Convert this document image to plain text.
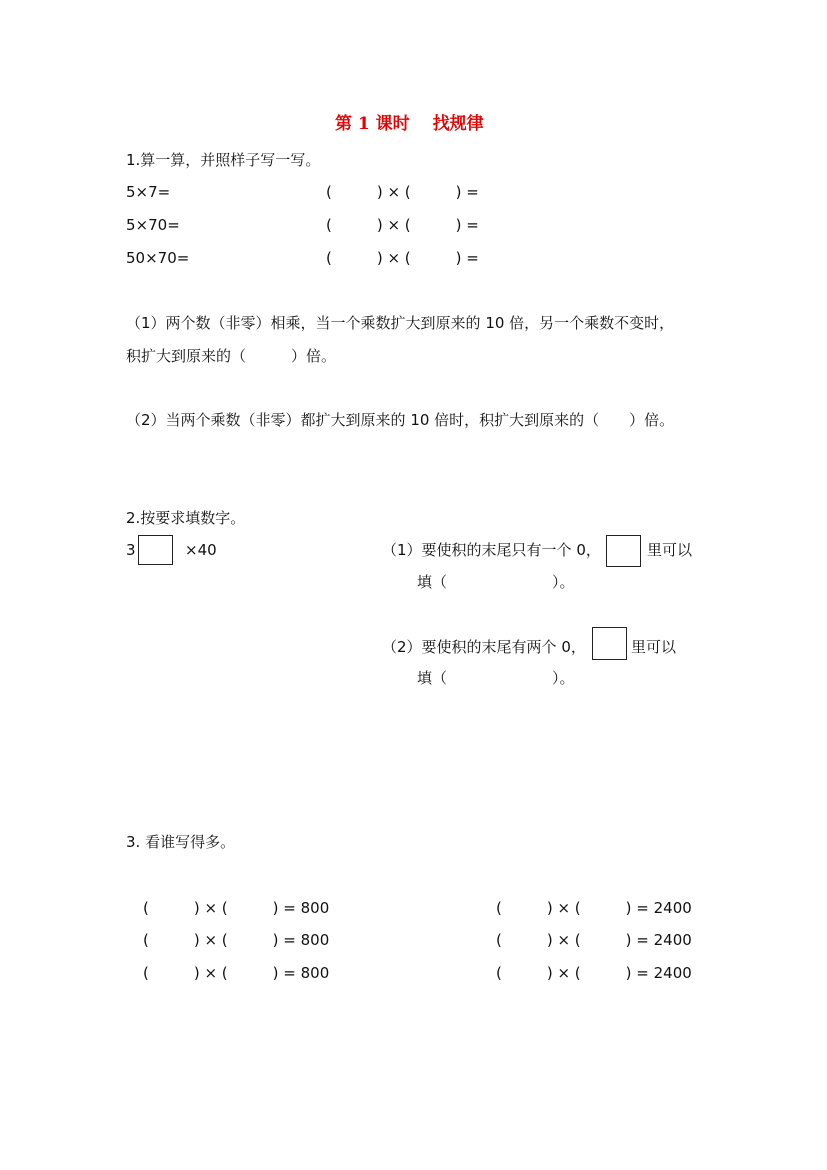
第 1 课时　 找规律
1.算一算，并照样子写一写。
5×7=	(　　　) × (　　　) =
5×70=	(　　　) × (　　　) =
50×70=	(　　　) × (　　　) =
（1）两个数（非零）相乘，当一个乘数扩大到原来的 10 倍，另一个乘数不变时，
积扩大到原来的（　　　）倍。
（2）当两个乘数（非零）都扩大到原来的 10 倍时，积扩大到原来的（　　）倍。
2.按要求填数字。
3	×40	（1）要使积的末尾只有一个 0，	里可以
填（　　　　　　　）。
（2）要使积的末尾有两个 0，	里可以
填（　　　　　　　）。
3. 看谁写得多。
(　　　) × (　　　) = 800
(　　　) × (　　　) = 800
(　　　) × (　　　) = 800
(　　　) × (　　　) = 2400
(　　　) × (　　　) = 2400
(　　　) × (　　　) = 2400
